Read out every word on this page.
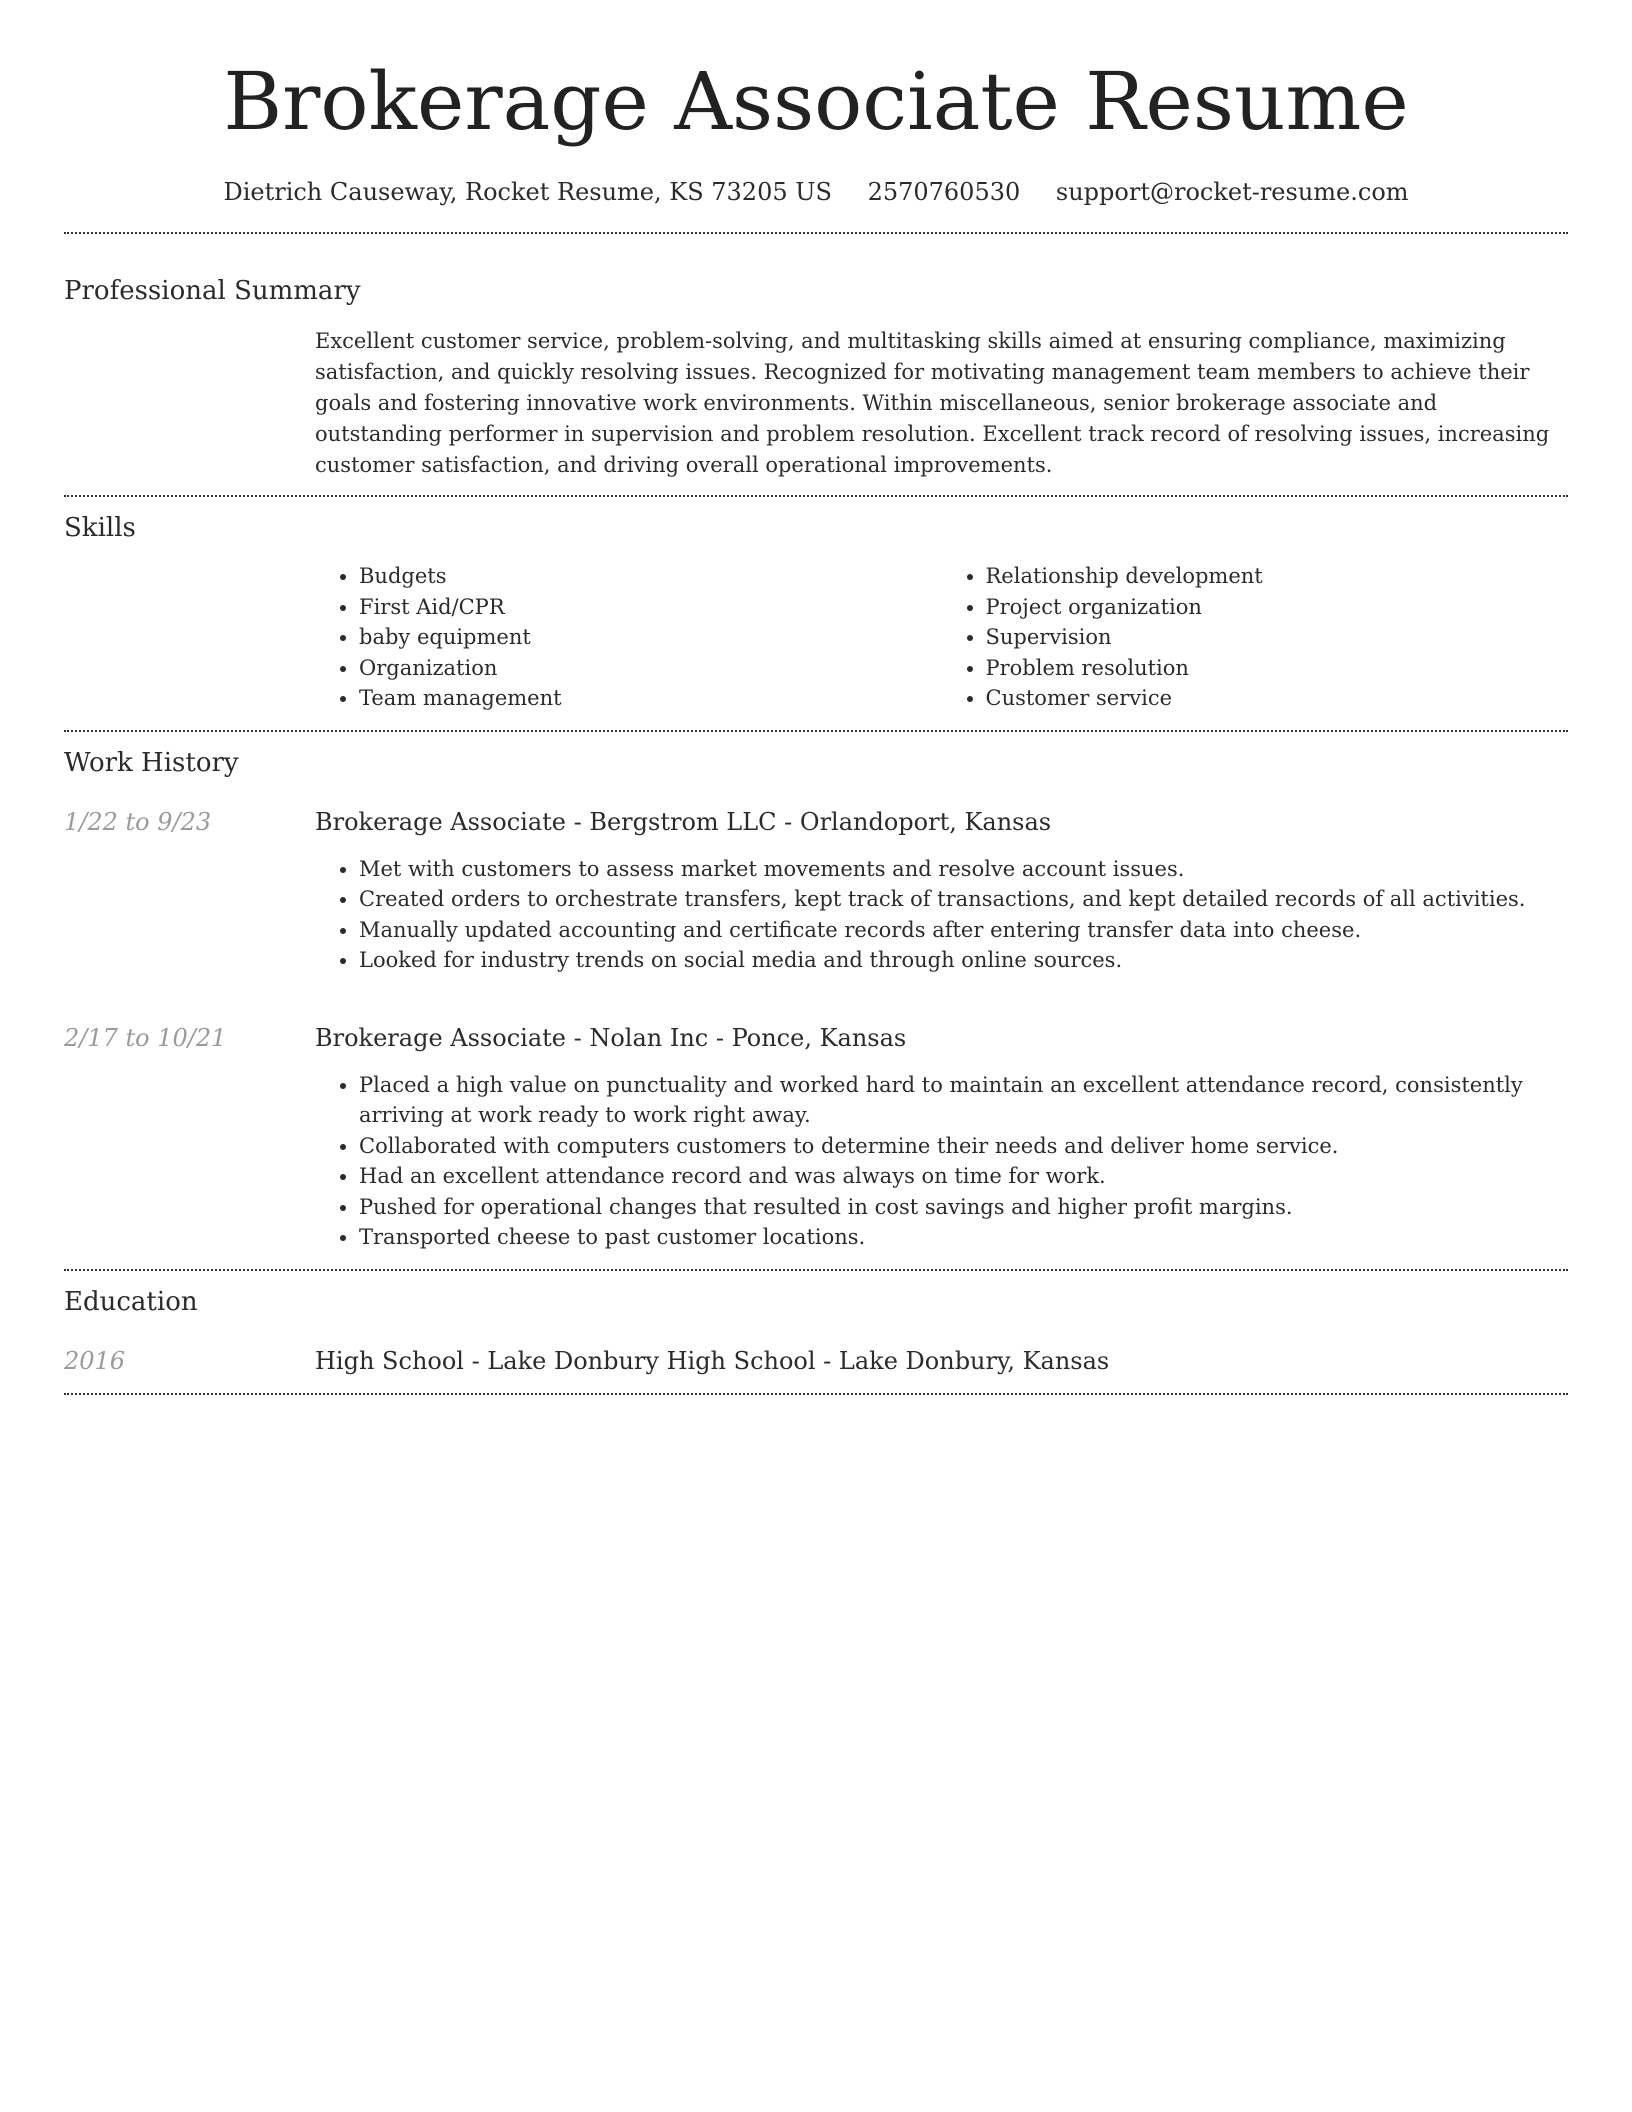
Brokerage Associate Resume
Dietrich Causeway, Rocket Resume, KS 73205 US 2570760530 support@rocket-resume.com
Professional Summary

Excellent customer service, problem-solving, and multitasking skills aimed at ensuring compliance, maximizing satisfaction, and quickly resolving issues. Recognized for motivating management team members to achieve their goals and fostering innovative work environments. Within miscellaneous, senior brokerage associate and outstanding performer in supervision and problem resolution. Excellent track record of resolving issues, increasing customer satisfaction, and driving overall operational improvements.

Skills
• Budgets
• First Aid/CPR
• baby equipment
• Organization
• Team management
• Relationship development
• Project organization
• Supervision
• Problem resolution
• Customer service
Work History
1/22 to 9/23	Brokerage Associate - Bergstrom LLC - Orlandoport, Kansas
• Met with customers to assess market movements and resolve account issues.
• Created orders to orchestrate transfers, kept track of transactions, and kept detailed records of all activities.
• Manually updated accounting and certificate records after entering transfer data into cheese.
• Looked for industry trends on social media and through online sources.
2/17 to 10/21	Brokerage Associate - Nolan Inc - Ponce, Kansas
• Placed a high value on punctuality and worked hard to maintain an excellent attendance record, consistently arriving at work ready to work right away.
• Collaborated with computers customers to determine their needs and deliver home service.
• Had an excellent attendance record and was always on time for work.
• Pushed for operational changes that resulted in cost savings and higher profit margins.
• Transported cheese to past customer locations.
Education
2016	High School - Lake Donbury High School - Lake Donbury, Kansas
